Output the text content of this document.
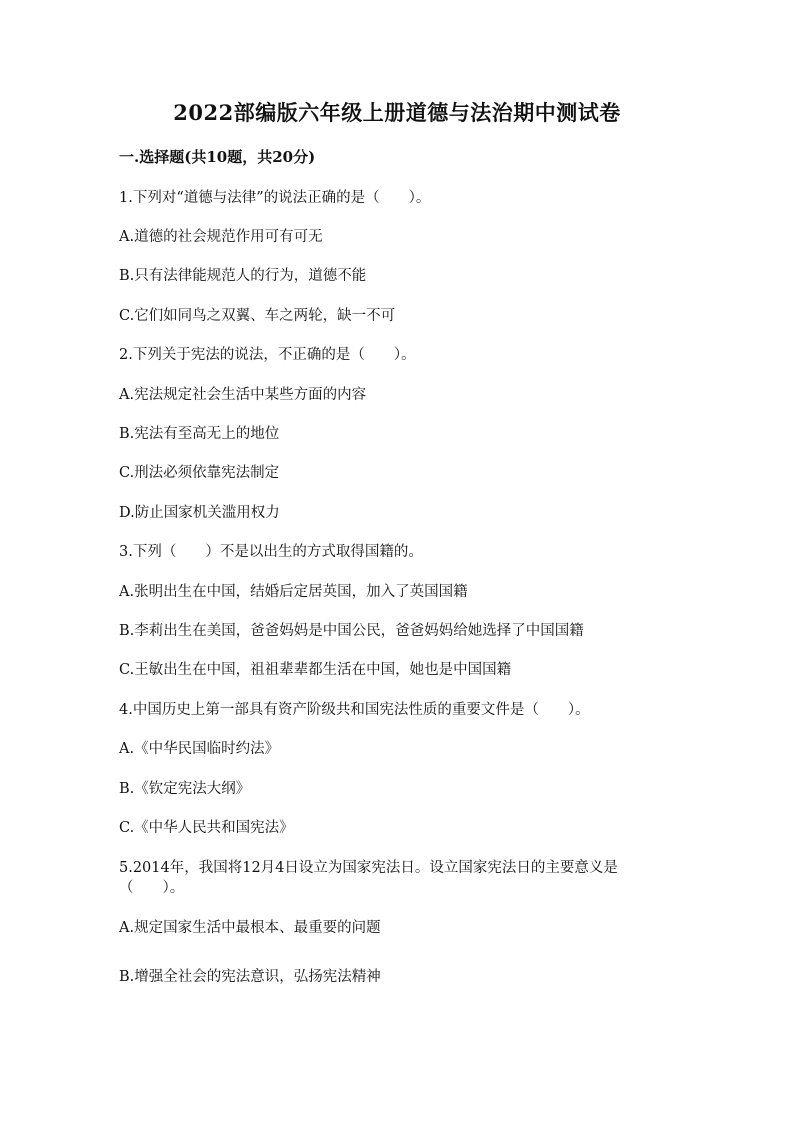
2022部编版六年级上册道德与法治期中测试卷

一.选择题(共10题，共20分)

1.下列对“道德与法律”的说法正确的是（　　）。

A.道德的社会规范作用可有可无

B.只有法律能规范人的行为，道德不能

C.它们如同鸟之双翼、车之两轮，缺一不可

2.下列关于宪法的说法，不正确的是（　　）。

A.宪法规定社会生活中某些方面的内容

B.宪法有至高无上的地位

C.刑法必须依靠宪法制定

D.防止国家机关滥用权力

3.下列（　　）不是以出生的方式取得国籍的。

A.张明出生在中国，结婚后定居英国，加入了英国国籍

B.李莉出生在美国，爸爸妈妈是中国公民，爸爸妈妈给她选择了中国国籍

C.王敏出生在中国，祖祖辈辈都生活在中国，她也是中国国籍

4.中国历史上第一部具有资产阶级共和国宪法性质的重要文件是（　　）。

A.《中华民国临时约法》

B.《钦定宪法大纲》

C.《中华人民共和国宪法》

5.2014年，我国将12月4日设立为国家宪法日。设立国家宪法日的主要意义是（　　）。

A.规定国家生活中最根本、最重要的问题

B.增强全社会的宪法意识，弘扬宪法精神
